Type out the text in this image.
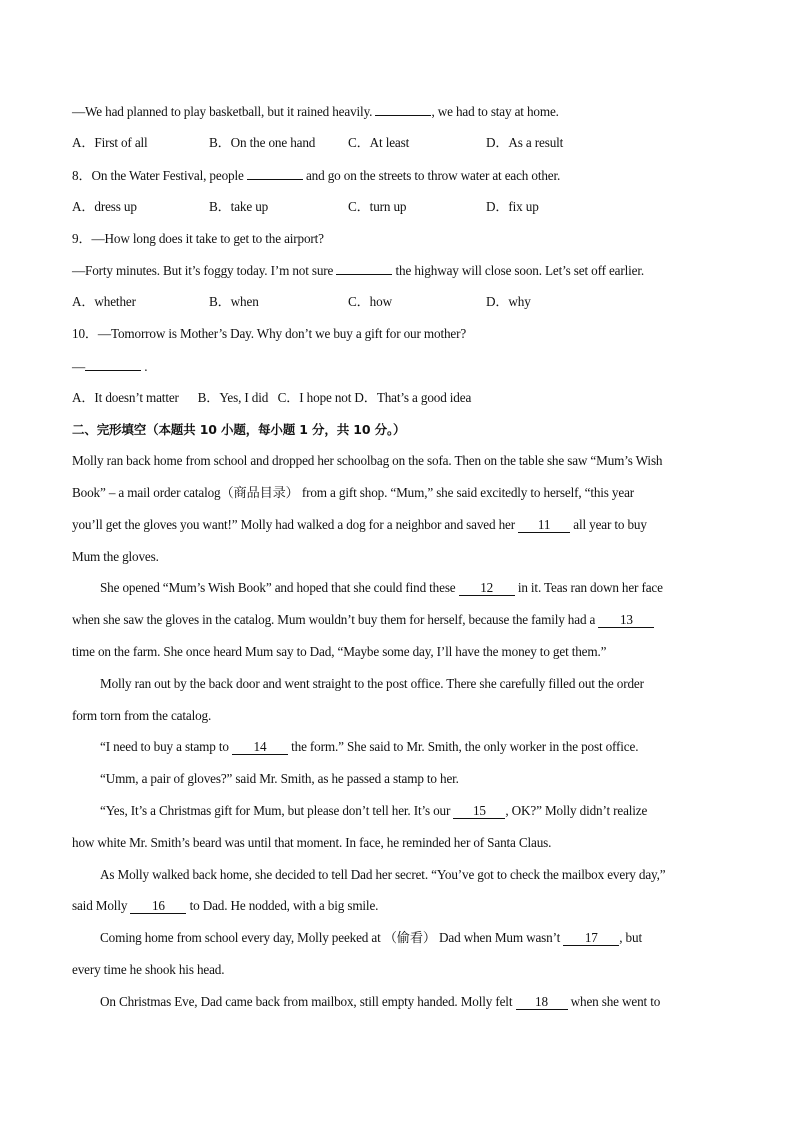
—We had planned to play basketball, but it rained heavily.	, we had to stay at home.
A．First of all	B．On the one hand C．At least	D．As a result
8．On the Water Festival, people	and go on the streets to throw water at each other.
A．dress up	B．take up	C．turn up	D．fix up
9．—How long does it take to get to the airport?
—Forty minutes. But it’s foggy today. I’m not sure	the highway will close soon. Let’s set off earlier.
A．whether	B．when	C．how	D．why
10．—Tomorrow is Mother’s Day. Why don’t we buy a gift for our mother?
—	.
A．It doesn’t matter      B．Yes, I did   C．I hope not D．That’s a good idea
二、完形填空（本题共 10 小题，每小题 1 分，共 10 分。）
Molly ran back home from school and dropped her schoolbag on the sofa. Then on the table she saw “Mum’s Wish
Book” – a mail order catalog（商品目录） from a gift shop. “Mum,” she said excitedly to herself, “this year
you’ll get the gloves you want!” Molly had walked a dog for a neighbor and saved her 11 all year to buy
Mum the gloves.
She opened “Mum’s Wish Book” and hoped that she could find these 12 in it. Teas ran down her face
when she saw the gloves in the catalog. Mum wouldn’t buy them for herself, because the family had a 13
time on the farm. She once heard Mum say to Dad, “Maybe some day, I’ll have the money to get them.”
Molly ran out by the back door and went straight to the post office. There she carefully filled out the order
form torn from the catalog.
“I need to buy a stamp to 14 the form.” She said to Mr. Smith, the only worker in the post office.
“Umm, a pair of gloves?” said Mr. Smith, as he passed a stamp to her.
“Yes, It’s a Christmas gift for Mum, but please don’t tell her. It’s our 15 , OK?” Molly didn’t realize
how white Mr. Smith’s beard was until that moment. In face, he reminded her of Santa Claus.
As Molly walked back home, she decided to tell Dad her secret. “You’ve got to check the mailbox every day,”
said Molly 16 to Dad. He nodded, with a big smile.
Coming home from school every day, Molly peeked at （偷看） Dad when Mum wasn’t 17 , but
every time he shook his head.
On Christmas Eve, Dad came back from mailbox, still empty handed. Molly felt 18 when she went to
